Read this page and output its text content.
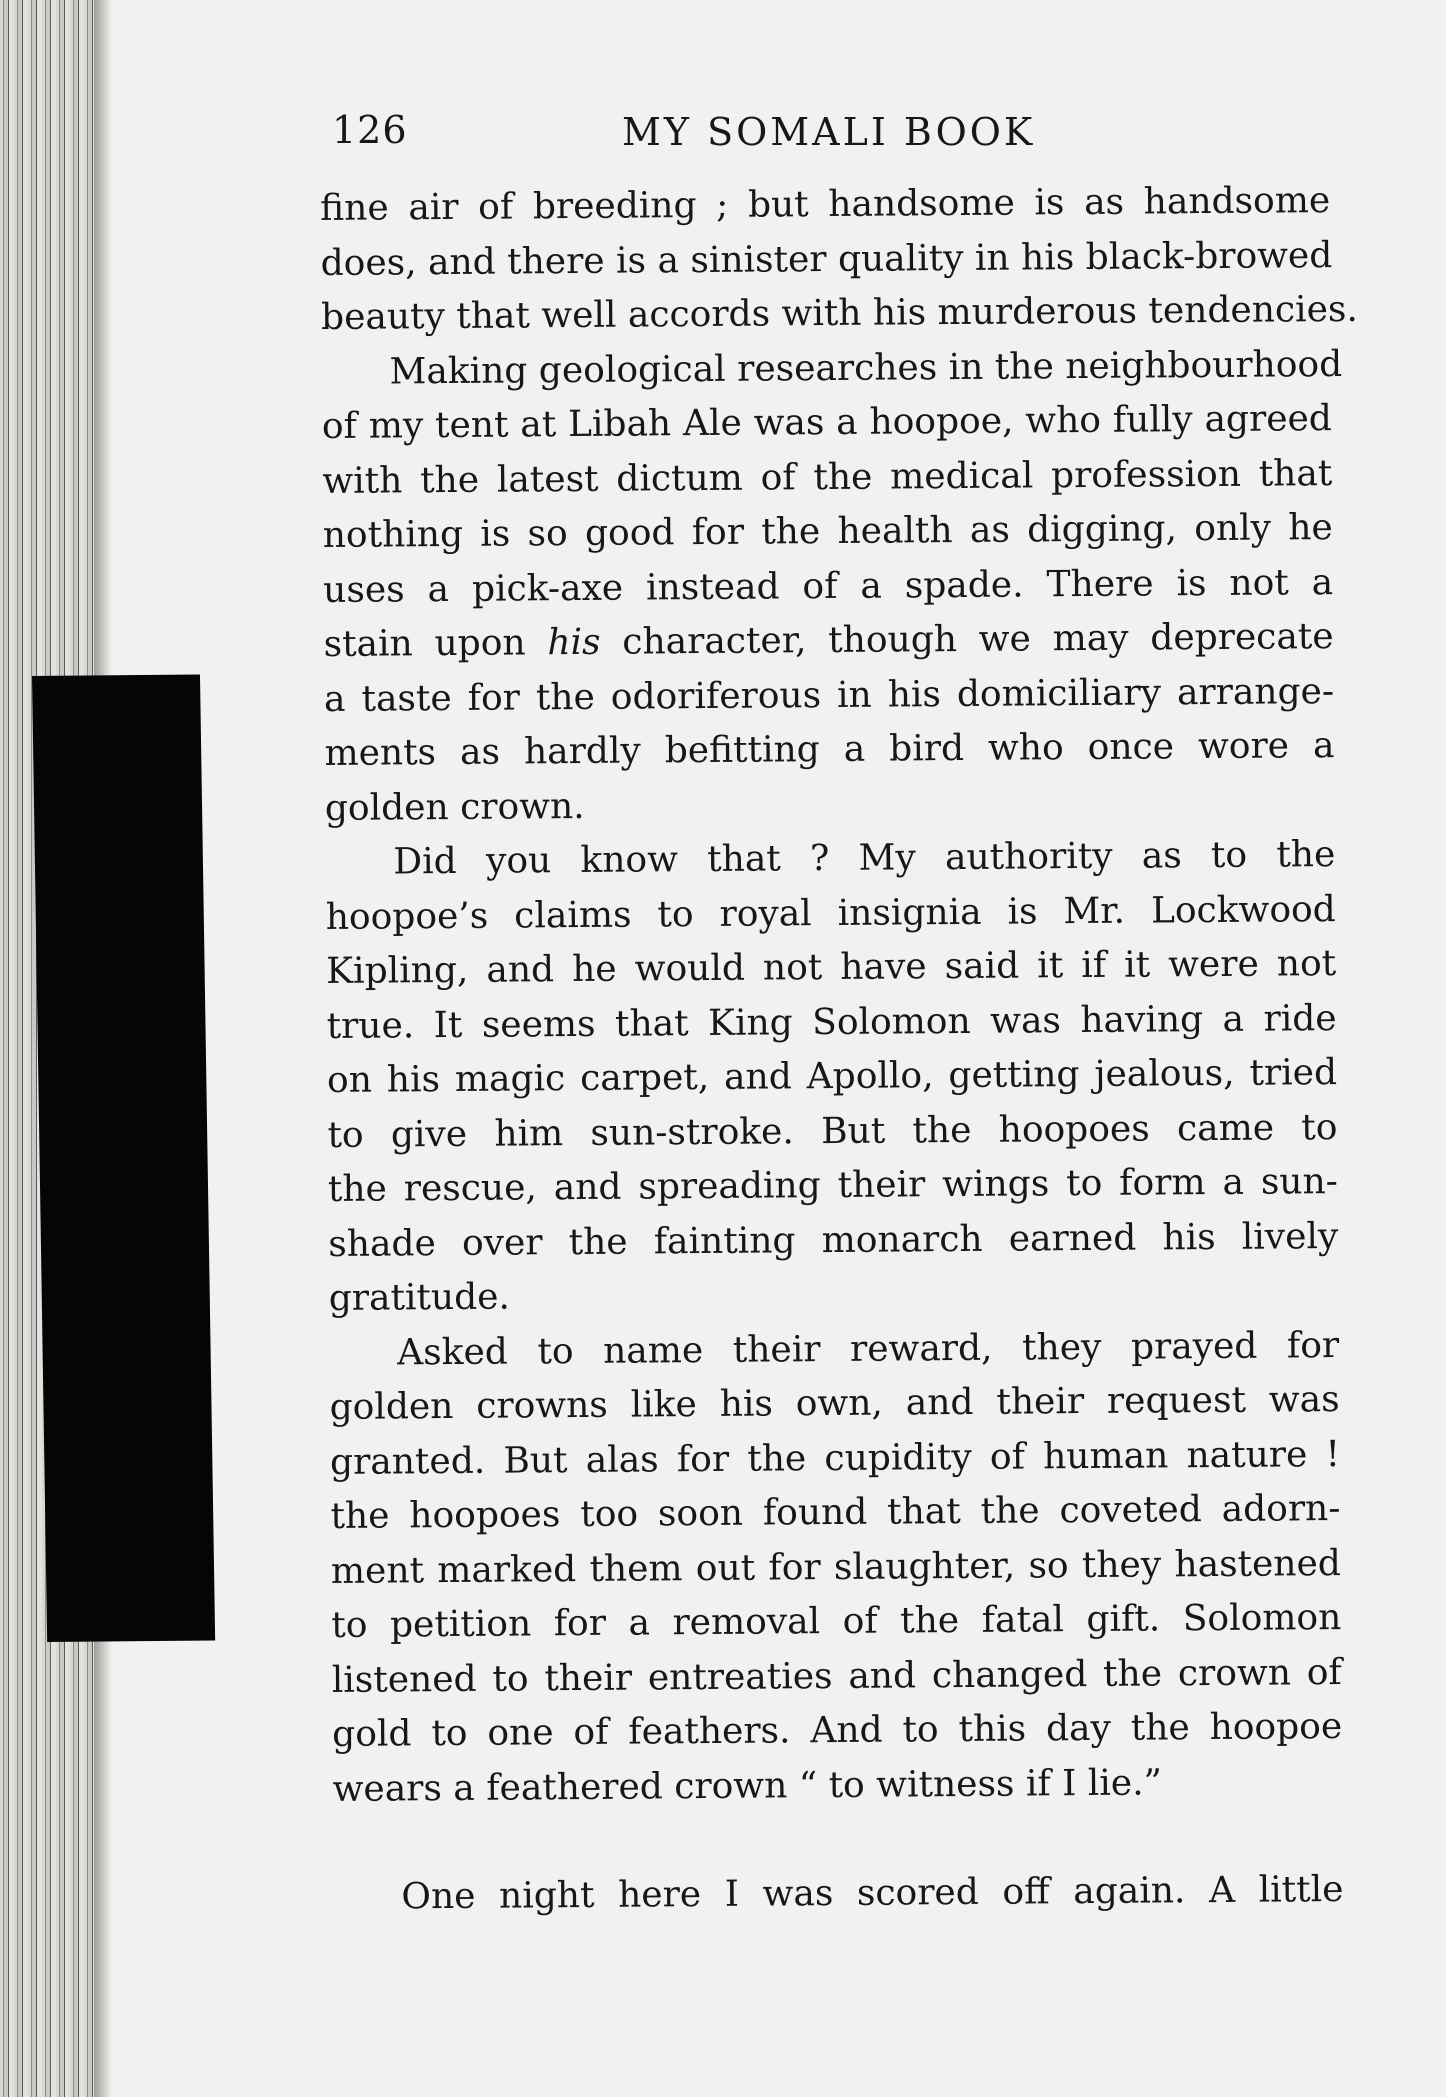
126	MY SOMALI BOOK
fine air of breeding ; but handsome is as handsome
does, and there is a sinister quality in his black-browed
beauty that well accords with his murderous tendencies.
Making geological researches in the neighbourhood
of my tent at Libah Ale was a hoopoe, who fully agreed
with the latest dictum of the medical profession that
nothing is so good for the health as digging, only he
uses a pick-axe instead of a spade. There is not a
stain upon his character, though we may deprecate
a taste for the odoriferous in his domiciliary arrange-
ments as hardly befitting a bird who once wore a
golden crown.
Did you know that ? My authority as to the
hoopoe’s claims to royal insignia is Mr. Lockwood
Kipling, and he would not have said it if it were not
true. It seems that King Solomon was having a ride
on his magic carpet, and Apollo, getting jealous, tried
to give him sun-stroke. But the hoopoes came to
the rescue, and spreading their wings to form a sun-
shade over the fainting monarch earned his lively
gratitude.
Asked to name their reward, they prayed for
golden crowns like his own, and their request was
granted. But alas for the cupidity of human nature !
the hoopoes too soon found that the coveted adorn-
ment marked them out for slaughter, so they hastened
to petition for a removal of the fatal gift. Solomon
listened to their entreaties and changed the crown of
gold to one of feathers. And to this day the hoopoe
wears a feathered crown “ to witness if I lie.”
One night here I was scored off again. A little
